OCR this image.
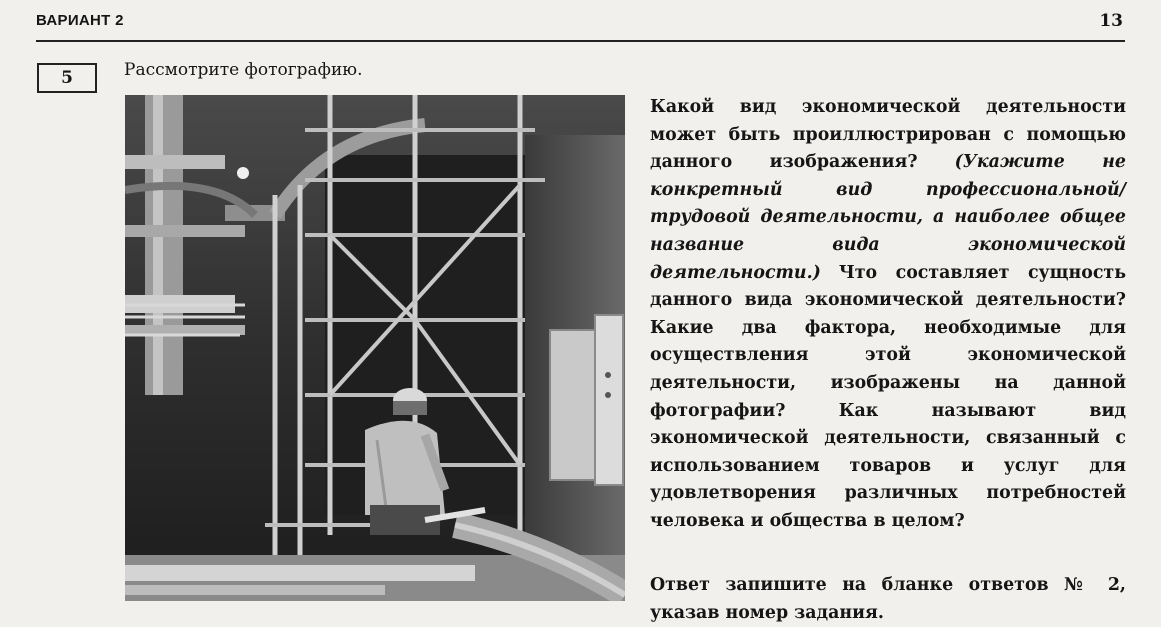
ВАРИАНТ 2	13
5	Рассмотрите фотографию.

Какой вид экономической деятельности может быть проиллюстрирован с помощью данного изображения? (Укажите не конкретный вид профессиональной/трудовой деятельности, а наиболее общее название вида экономической деятельности.) Что составляет сущность данного вида экономической деятельности? Какие два фактора, необходимые для осуществления этой экономической деятельности, изображены на данной фотографии? Как называют вид экономической деятельности, связанный с использованием товаров и услуг для удовлетворения различных потребностей человека и общества в целом?

Ответ запишите на бланке ответов № 2, указав номер задания.
